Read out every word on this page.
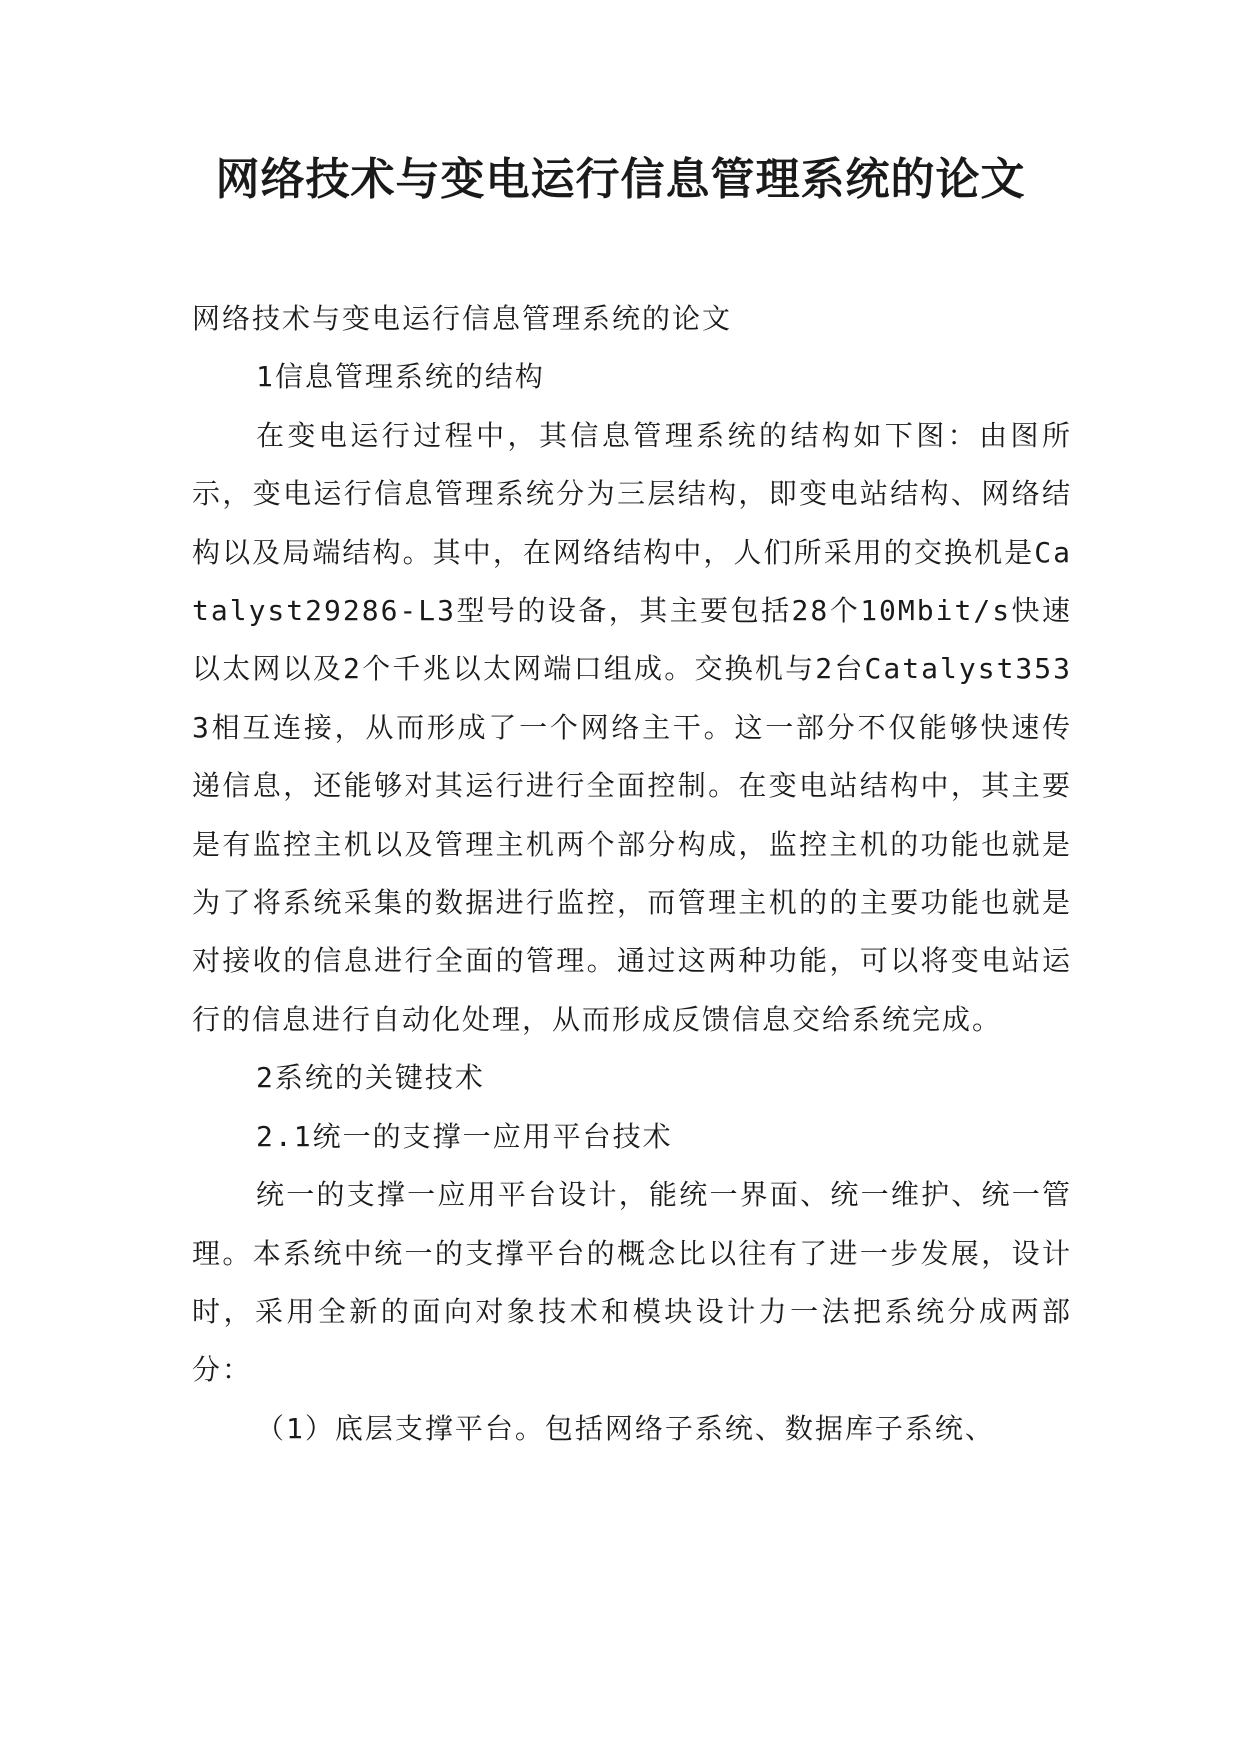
网络技术与变电运行信息管理系统的论文

网络技术与变电运行信息管理系统的论文

1信息管理系统的结构

在变电运行过程中，其信息管理系统的结构如下图：由图所示，变电运行信息管理系统分为三层结构，即变电站结构、网络结构以及局端结构。其中，在网络结构中，人们所采用的交换机是Catalyst29286-L3型号的设备，其主要包括28个10Mbit/s快速以太网以及2个千兆以太网端口组成。交换机与2台Catalyst3533相互连接，从而形成了一个网络主干。这一部分不仅能够快速传递信息，还能够对其运行进行全面控制。在变电站结构中，其主要是有监控主机以及管理主机两个部分构成，监控主机的功能也就是为了将系统采集的数据进行监控，而管理主机的的主要功能也就是对接收的信息进行全面的管理。通过这两种功能，可以将变电站运行的信息进行自动化处理，从而形成反馈信息交给系统完成。

2系统的关键技术

2.1统一的支撑一应用平台技术

统一的支撑一应用平台设计，能统一界面、统一维护、统一管理。本系统中统一的支撑平台的概念比以往有了进一步发展，设计时，采用全新的面向对象技术和模块设计力一法把系统分成两部分：

（1）底层支撑平台。包括网络子系统、数据库子系统、
